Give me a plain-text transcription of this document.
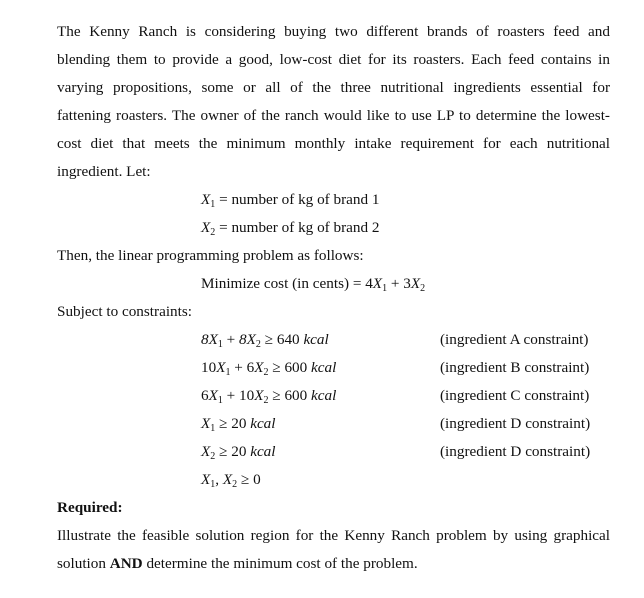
The Kenny Ranch is considering buying two different brands of roasters feed and
blending them to provide a good, low-cost diet for its roasters. Each feed contains in
varying propositions, some or all of the three nutritional ingredients essential for
fattening roasters. The owner of the ranch would like to use LP to determine the lowest-
cost diet that meets the minimum monthly intake requirement for each nutritional
ingredient. Let:
$X_1$ = number of kg of brand 1
$X_2$ = number of kg of brand 2
Then, the linear programming problem as follows:
Minimize cost (in cents) = $4X_1 + 3X_2$
Subject to constraints:
$8X_1 + 8X_2 \ge 640$ kcal	(ingredient A constraint)
$10X_1 + 6X_2 \ge 600$ kcal	(ingredient B constraint)
$6X_1 + 10X_2 \ge 600$ kcal	(ingredient C constraint)
$X_1 \ge 20$ kcal	(ingredient D constraint)
$X_2 \ge 20$ kcal	(ingredient D constraint)
$X_1$, $X_2 \ge 0$
Required:
Illustrate the feasible solution region for the Kenny Ranch problem by using graphical
solution AND determine the minimum cost of the problem.
